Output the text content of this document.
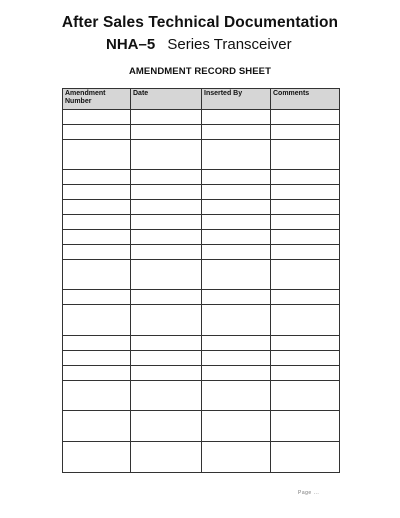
After Sales Technical Documentation
NHA–5 Series Transceiver
AMENDMENT RECORD SHEET
Amendment Number	Date	Inserted By	Comments

Page ...
